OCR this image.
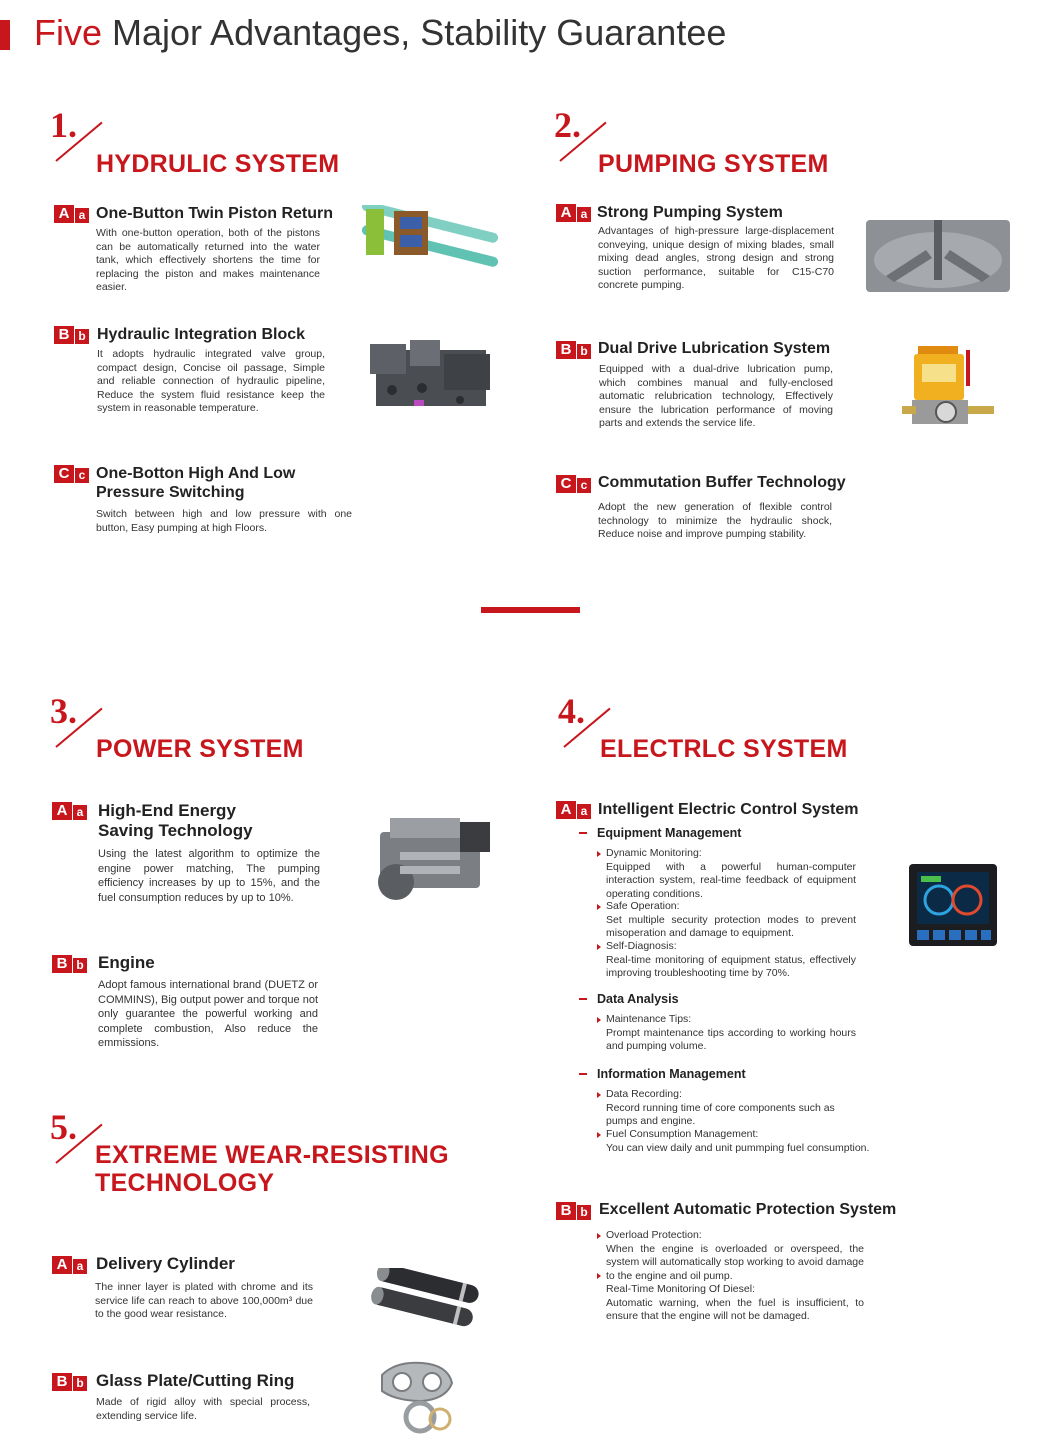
Five Major Advantages, Stability Guarantee
1.
HYDRULIC SYSTEM
A a One-Button Twin Piston Return
With one-button operation, both of the pistons can be automatically returned into the water tank, which effectively shortens the time for replacing the piston and makes maintenance easier.
B b Hydraulic Integration Block
It adopts hydraulic integrated valve group, compact design, Concise oil passage, Simple and reliable connection of hydraulic pipeline, Reduce the system fluid resistance keep the system in reasonable temperature.
C c One-Botton High And Low
Pressure Switching
Switch between high and low pressure with one button, Easy pumping at high Floors.
2.
PUMPING SYSTEM
A a Strong Pumping System
Advantages of high-pressure large-displacement conveying, unique design of mixing blades, small mixing dead angles, strong design and strong suction performance, suitable for C15-C70 concrete pumping.
B b Dual Drive Lubrication System
Equipped with a dual-drive lubrication pump, which combines manual and fully-enclosed automatic relubrication technology, Effectively ensure the lubrication performance of moving parts and extends the service life.
C c Commutation Buffer Technology
Adopt the new generation of flexible control technology to minimize the hydraulic shock, Reduce noise and improve pumping stability.
3.
POWER SYSTEM
A a High-End Energy
Saving Technology
Using the latest algorithm to optimize the engine power matching, The pumping efficiency increases by up to 15%, and the fuel consumption reduces by up to 10%.
B b Engine
Adopt famous international brand (DUETZ or COMMINS), Big output power and torque not only guarantee the powerful working and complete combustion, Also reduce the emmissions.
4.
ELECTRLC SYSTEM
A a Intelligent Electric Control System
Equipment Management
Dynamic Monitoring:
Equipped with a powerful human-computer interaction system, real-time feedback of equipment operating conditions.
Safe Operation:
Set multiple security protection modes to prevent misoperation and damage to equipment.
Self-Diagnosis:
Real-time monitoring of equipment status, effectively improving troubleshooting time by 70%.
Data Analysis
Maintenance Tips:
Prompt maintenance tips according to working hours and pumping volume.
Information Management
Data Recording:
Record running time of core components such as pumps and engine.
Fuel Consumption Management:
You can view daily and unit pummping fuel consumption.
B b Excellent Automatic Protection System
Overload Protection:
When the engine is overloaded or overspeed, the system will automatically stop working to avoid damage to the engine and oil pump.
Real-Time Monitoring Of Diesel:
Automatic warning, when the fuel is insufficient, to ensure that the engine will not be damaged.
5.
EXTREME WEAR-RESISTING
TECHNOLOGY
A a Delivery Cylinder
The inner layer is plated with chrome and its service life can reach to above 100,000m³ due to the good wear resistance.
B b Glass Plate/Cutting Ring
Made of rigid alloy with special process, extending service life.
